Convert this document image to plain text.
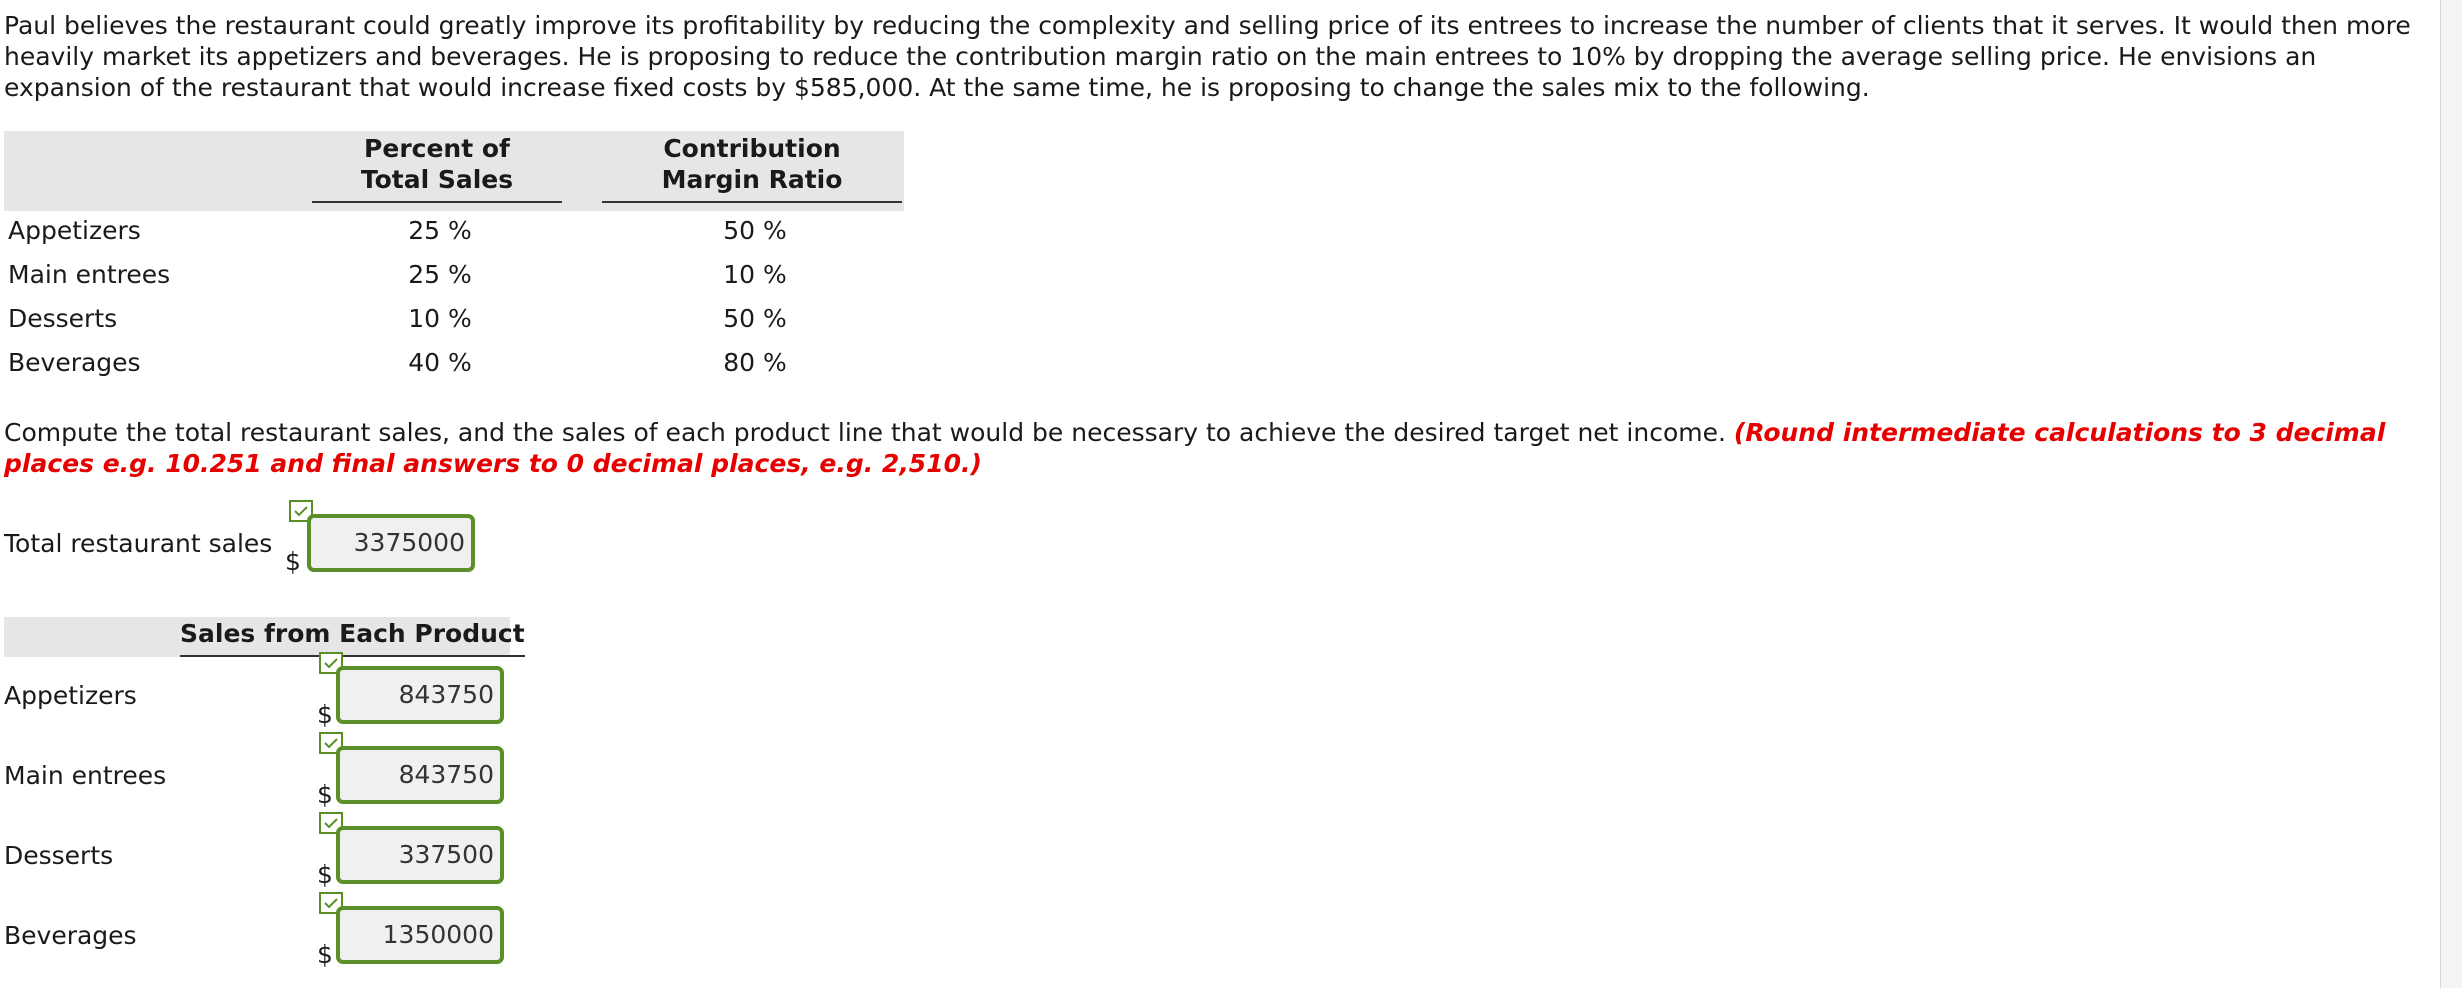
Paul believes the restaurant could greatly improve its profitability by reducing the complexity and selling price of its entrees to increase the number of clients that it serves. It would then more heavily market its appetizers and beverages. He is proposing to reduce the contribution margin ratio on the main entrees to 10% by dropping the average selling price. He envisions an expansion of the restaurant that would increase fixed costs by $585,000. At the same time, he is proposing to change the sales mix to the following.

Percent of
Total Sales
Contribution
Margin Ratio
Appetizers	25 %	50 %
Main entrees	25 %	10 %
Desserts	10 %	50 %
Beverages	40 %	80 %

Compute the total restaurant sales, and the sales of each product line that would be necessary to achieve the desired target net income. (Round intermediate calculations to 3 decimal places e.g. 10.251 and final answers to 0 decimal places, e.g. 2,510.)

Total restaurant sales
$
3375000
Sales from Each Product
Appetizers
$
843750
Main entrees
$
843750
Desserts
$
337500
Beverages
$
1350000
